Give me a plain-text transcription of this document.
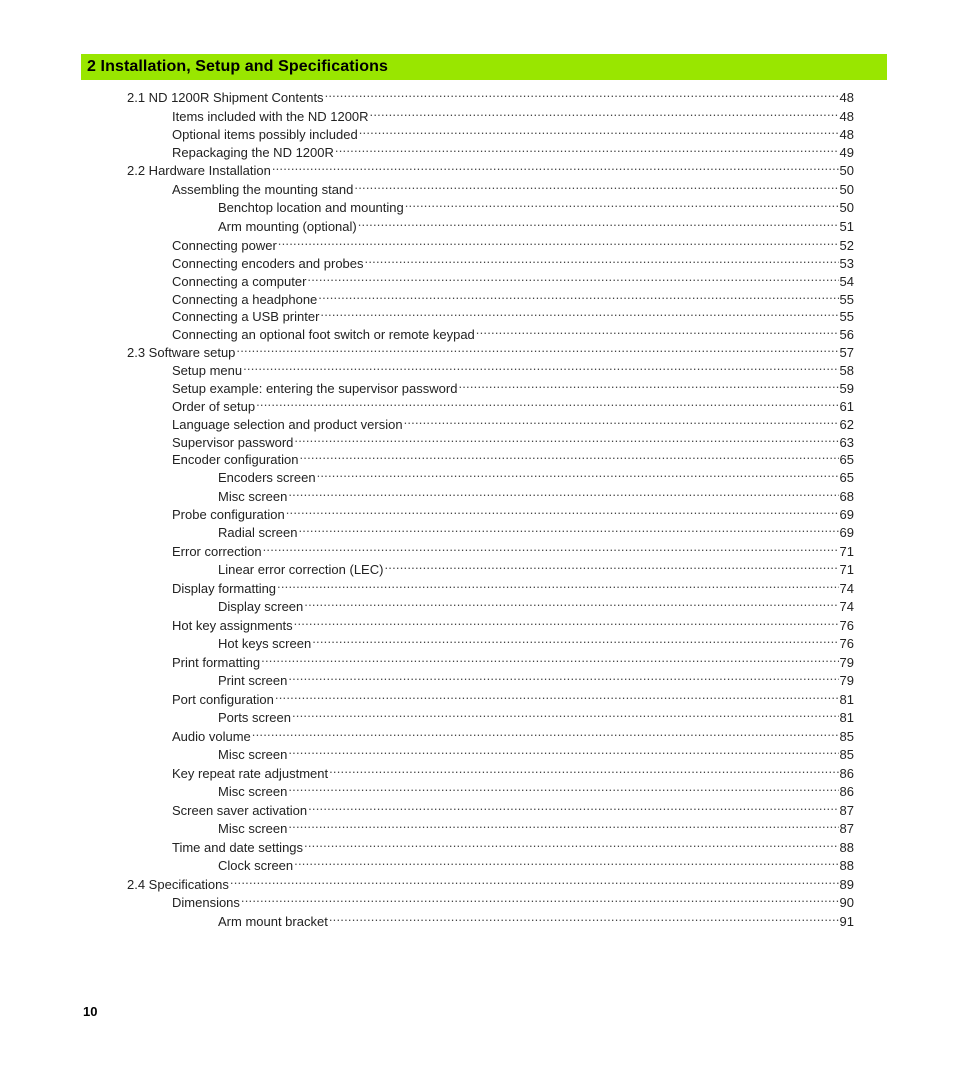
2 Installation, Setup and Specifications
2.1 ND 1200R Shipment Contents .....	48
Items included with the ND 1200R .....	48
Optional items possibly included .....	48
Repackaging the ND 1200R .....	49
2.2 Hardware Installation .....	50
Assembling the mounting stand .....	50
Benchtop location and mounting .....	50
Arm mounting (optional) .....	51
Connecting power .....	52
Connecting encoders and probes .....	53
Connecting a computer .....	54
Connecting a headphone .....	55
Connecting a USB printer .....	55
Connecting an optional foot switch or remote keypad .....	56
2.3 Software setup .....	57
Setup menu .....	58
Setup example: entering the supervisor password .....	59
Order of setup .....	61
Language selection and product version .....	62
Supervisor password .....	63
Encoder configuration .....	65
Encoders screen .....	65
Misc screen .....	68
Probe configuration .....	69
Radial screen .....	69
Error correction .....	71
Linear error correction (LEC) .....	71
Display formatting .....	74
Display screen .....	74
Hot key assignments .....	76
Hot keys screen .....	76
Print formatting .....	79
Print screen .....	79
Port configuration .....	81
Ports screen .....	81
Audio volume .....	85
Misc screen .....	85
Key repeat rate adjustment .....	86
Misc screen .....	86
Screen saver activation .....	87
Misc screen .....	87
Time and date settings .....	88
Clock screen .....	88
2.4 Specifications .....	89
Dimensions .....	90
Arm mount bracket .....	91
10
